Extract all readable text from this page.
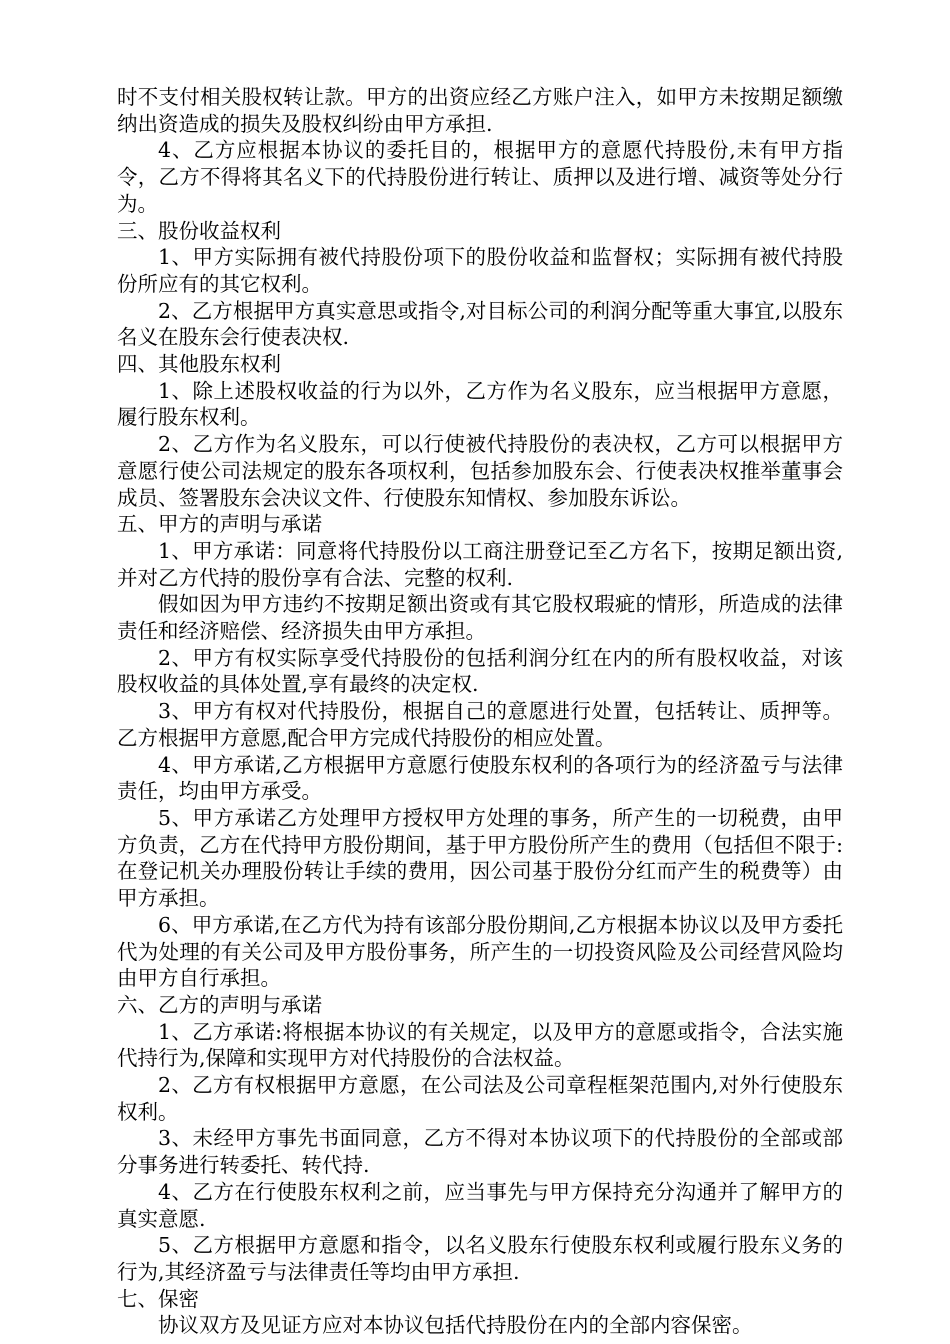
时不支付相关股权转让款。甲方的出资应经乙方账户注入，如甲方未按期足额缴纳出资造成的损失及股权纠纷由甲方承担.

4、乙方应根据本协议的委托目的，根据甲方的意愿代持股份,未有甲方指令，乙方不得将其名义下的代持股份进行转让、质押以及进行增、减资等处分行为。

三、股份收益权利

1、甲方实际拥有被代持股份项下的股份收益和监督权；实际拥有被代持股份所应有的其它权利。

2、乙方根据甲方真实意思或指令,对目标公司的利润分配等重大事宜,以股东名义在股东会行使表决权.

四、其他股东权利

1、除上述股权收益的行为以外，乙方作为名义股东，应当根据甲方意愿，履行股东权利。

2、乙方作为名义股东，可以行使被代持股份的表决权，乙方可以根据甲方意愿行使公司法规定的股东各项权利，包括参加股东会、行使表决权推举董事会成员、签署股东会决议文件、行使股东知情权、参加股东诉讼。

五、甲方的声明与承诺

1、甲方承诺：同意将代持股份以工商注册登记至乙方名下，按期足额出资,并对乙方代持的股份享有合法、完整的权利.

假如因为甲方违约不按期足额出资或有其它股权瑕疵的情形，所造成的法律责任和经济赔偿、经济损失由甲方承担。

2、甲方有权实际享受代持股份的包括利润分红在内的所有股权收益，对该股权收益的具体处置,享有最终的决定权.

3、甲方有权对代持股份，根据自己的意愿进行处置，包括转让、质押等。乙方根据甲方意愿,配合甲方完成代持股份的相应处置。

4、甲方承诺,乙方根据甲方意愿行使股东权利的各项行为的经济盈亏与法律责任，均由甲方承受。

5、甲方承诺乙方处理甲方授权甲方处理的事务，所产生的一切税费，由甲方负责，乙方在代持甲方股份期间，基于甲方股份所产生的费用（包括但不限于:在登记机关办理股份转让手续的费用，因公司基于股份分红而产生的税费等）由甲方承担。

6、甲方承诺,在乙方代为持有该部分股份期间,乙方根据本协议以及甲方委托代为处理的有关公司及甲方股份事务，所产生的一切投资风险及公司经营风险均由甲方自行承担。

六、乙方的声明与承诺

1、乙方承诺:将根据本协议的有关规定，以及甲方的意愿或指令，合法实施代持行为,保障和实现甲方对代持股份的合法权益。

2、乙方有权根据甲方意愿，在公司法及公司章程框架范围内,对外行使股东权利。

3、未经甲方事先书面同意，乙方不得对本协议项下的代持股份的全部或部分事务进行转委托、转代持.

4、乙方在行使股东权利之前，应当事先与甲方保持充分沟通并了解甲方的真实意愿.

5、乙方根据甲方意愿和指令，以名义股东行使股东权利或履行股东义务的行为,其经济盈亏与法律责任等均由甲方承担.

七、保密

协议双方及见证方应对本协议包括代持股份在内的全部内容保密。
